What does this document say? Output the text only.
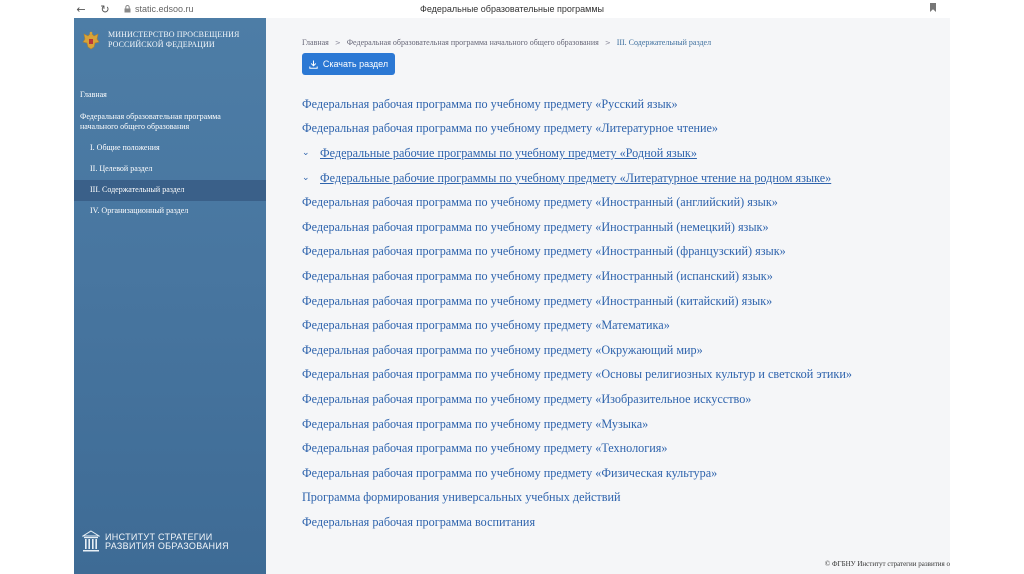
← ↻	static.edsoo.ru	Федеральные образовательные программы
МИНИСТЕРСТВО ПРОСВЕЩЕНИЯ РОССИЙСКОЙ ФЕДЕРАЦИИ
Главная
Федеральная образовательная программа начального общего образования
I. Общие положения
II. Целевой раздел
III. Содержательный раздел
IV. Организационный раздел
ИНСТИТУТ СТРАТЕГИИ
РАЗВИТИЯ ОБРАЗОВАНИЯ
Главная > Федеральная образовательная программа начального общего образования > III. Содержательный раздел
Скачать раздел
Федеральная рабочая программа по учебному предмету «Русский язык»
Федеральная рабочая программа по учебному предмету «Литературное чтение»
⌄ Федеральные рабочие программы по учебному предмету «Родной язык»
⌄ Федеральные рабочие программы по учебному предмету «Литературное чтение на родном языке»
Федеральная рабочая программа по учебному предмету «Иностранный (английский) язык»
Федеральная рабочая программа по учебному предмету «Иностранный (немецкий) язык»
Федеральная рабочая программа по учебному предмету «Иностранный (французский) язык»
Федеральная рабочая программа по учебному предмету «Иностранный (испанский) язык»
Федеральная рабочая программа по учебному предмету «Иностранный (китайский) язык»
Федеральная рабочая программа по учебному предмету «Математика»
Федеральная рабочая программа по учебному предмету «Окружающий мир»
Федеральная рабочая программа по учебному предмету «Основы религиозных культур и светской этики»
Федеральная рабочая программа по учебному предмету «Изобразительное искусство»
Федеральная рабочая программа по учебному предмету «Музыка»
Федеральная рабочая программа по учебному предмету «Технология»
Федеральная рабочая программа по учебному предмету «Физическая культура»
Программа формирования универсальных учебных действий
Федеральная рабочая программа воспитания
© ФГБНУ Институт стратегии развития о
